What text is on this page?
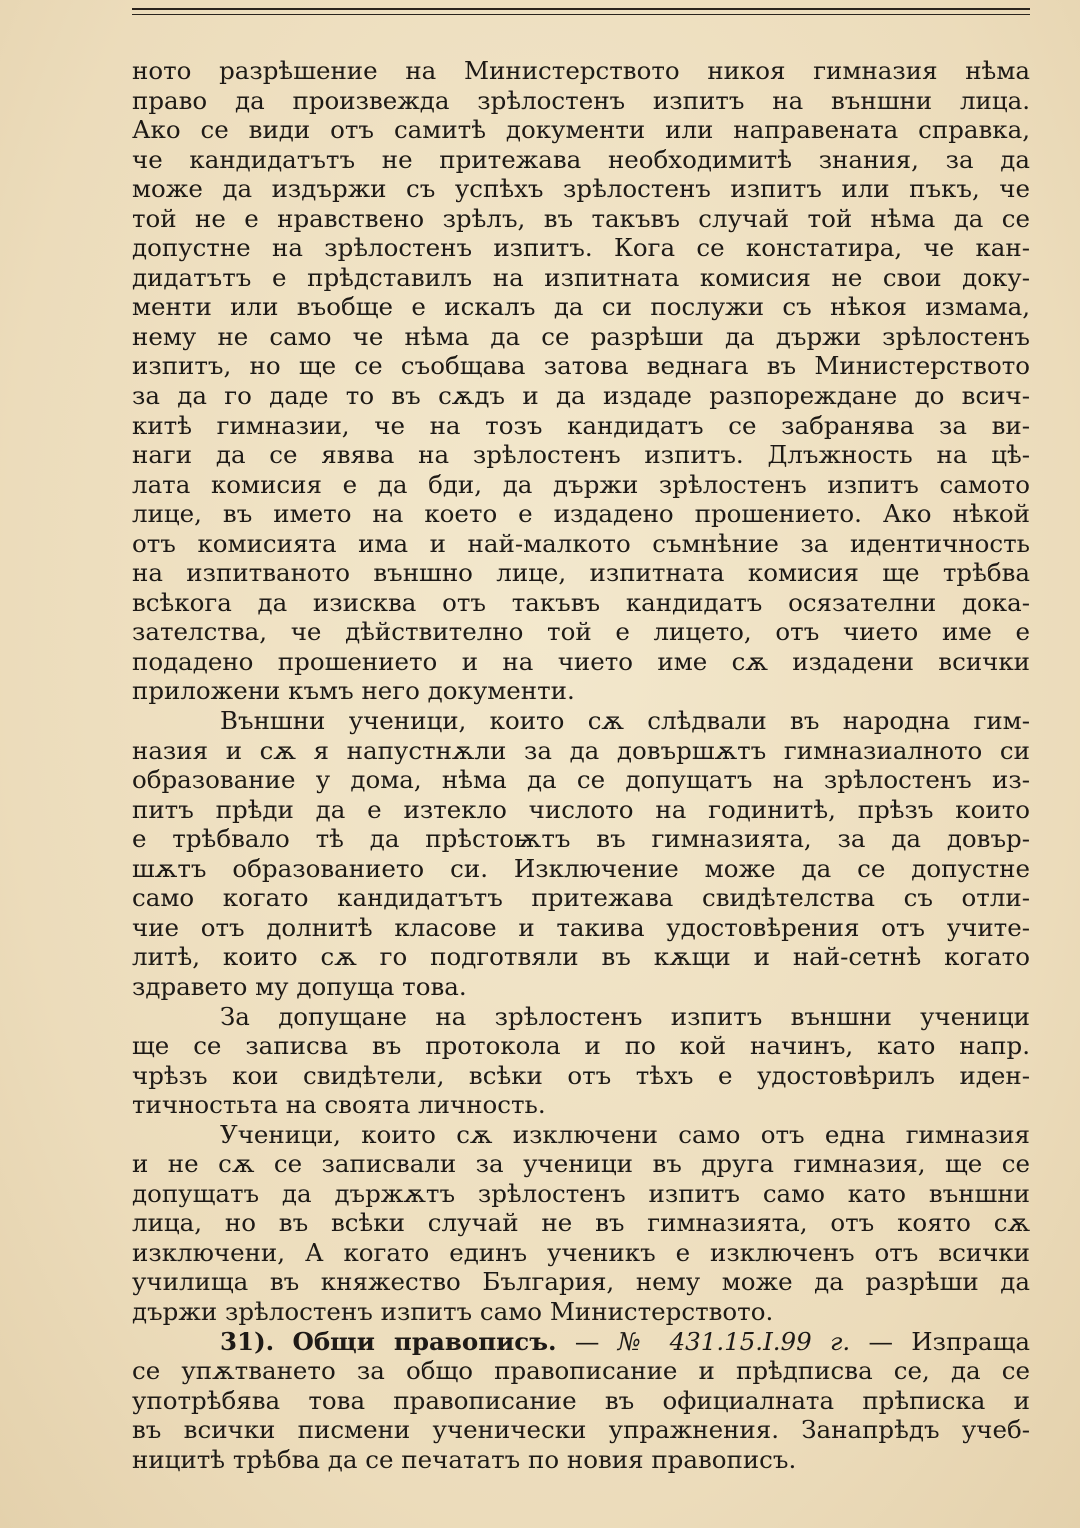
ното разрѣшение на Министерството никоя гимназия нѣма
право да произвежда зрѣлостенъ изпитъ на външни лица.
Ако се види отъ самитѣ документи или направената справка,
че кандидатътъ не притежава необходимитѣ знания, за да
може да издържи съ успѣхъ зрѣлостенъ изпитъ или пъкъ, че
той не е нравствено зрѣлъ, въ такъвъ случай той нѣма да се
допустне на зрѣлостенъ изпитъ. Кога се констатира, че кан-
дидатътъ е прѣдставилъ на изпитната комисия не свои доку-
менти или въобще е искалъ да си послужи съ нѣкоя измама,
нему не само че нѣма да се разрѣши да държи зрѣлостенъ
изпитъ, но ще се съобщава затова веднага въ Министерството
за да го даде то въ сѫдъ и да издаде разпореждане до всич-
китѣ гимназии, че на тозъ кандидатъ се забранява за ви-
наги да се явява на зрѣлостенъ изпитъ. Длъжность на цѣ-
лата комисия е да бди, да държи зрѣлостенъ изпитъ самото
лице, въ името на което е издадено прошението. Ако нѣкой
отъ комисията има и най-малкото съмнѣние за идентичность
на изпитваното външно лице, изпитната комисия ще трѣбва
всѣкога да изисква отъ такъвъ кандидатъ осязателни дока-
зателства, че дѣйствително той е лицето, отъ чието име е
подадено прошението и на чието име сѫ издадени всички
приложени къмъ него документи.
Външни ученици, които сѫ слѣдвали въ народна гим-
назия и сѫ я напустнѫли за да довършѫтъ гимназиалното си
образование у дома, нѣма да се допущатъ на зрѣлостенъ из-
питъ прѣди да е изтекло числото на годинитѣ, прѣзъ които
е трѣбвало тѣ да прѣстоѭтъ въ гимназията, за да довър-
шѫтъ образованието си. Изключение може да се допустне
само когато кандидатътъ притежава свидѣтелства съ отли-
чие отъ долнитѣ класове и такива удостовѣрения отъ учите-
литѣ, които сѫ го подготвяли въ кѫщи и най-сетнѣ когато
здравето му допуща това.
За допущане на зрѣлостенъ изпитъ външни ученици
ще се записва въ протокола и по кой начинъ, като напр.
чрѣзъ кои свидѣтели, всѣки отъ тѣхъ е удостовѣрилъ иден-
тичностьта на своята личность.
Ученици, които сѫ изключени само отъ една гимназия
и не сѫ се записвали за ученици въ друга гимназия, ще се
допущатъ да държѫтъ зрѣлостенъ изпитъ само като външни
лица, но въ всѣки случай не въ гимназията, отъ която сѫ
изключени, А когато единъ ученикъ е изключенъ отъ всички
училища въ княжество България, нему може да разрѣши да
държи зрѣлостенъ изпитъ само Министерството.
31). Общи правописъ. — № 431.15.I.99 г. — Изпраща
се упѫтването за общо правописание и прѣдписва се, да се
употрѣбява това правописание въ официалната прѣписка и
въ всички писмени ученически упражнения. Занапрѣдъ учеб-
ницитѣ трѣбва да се печататъ по новия правописъ.
